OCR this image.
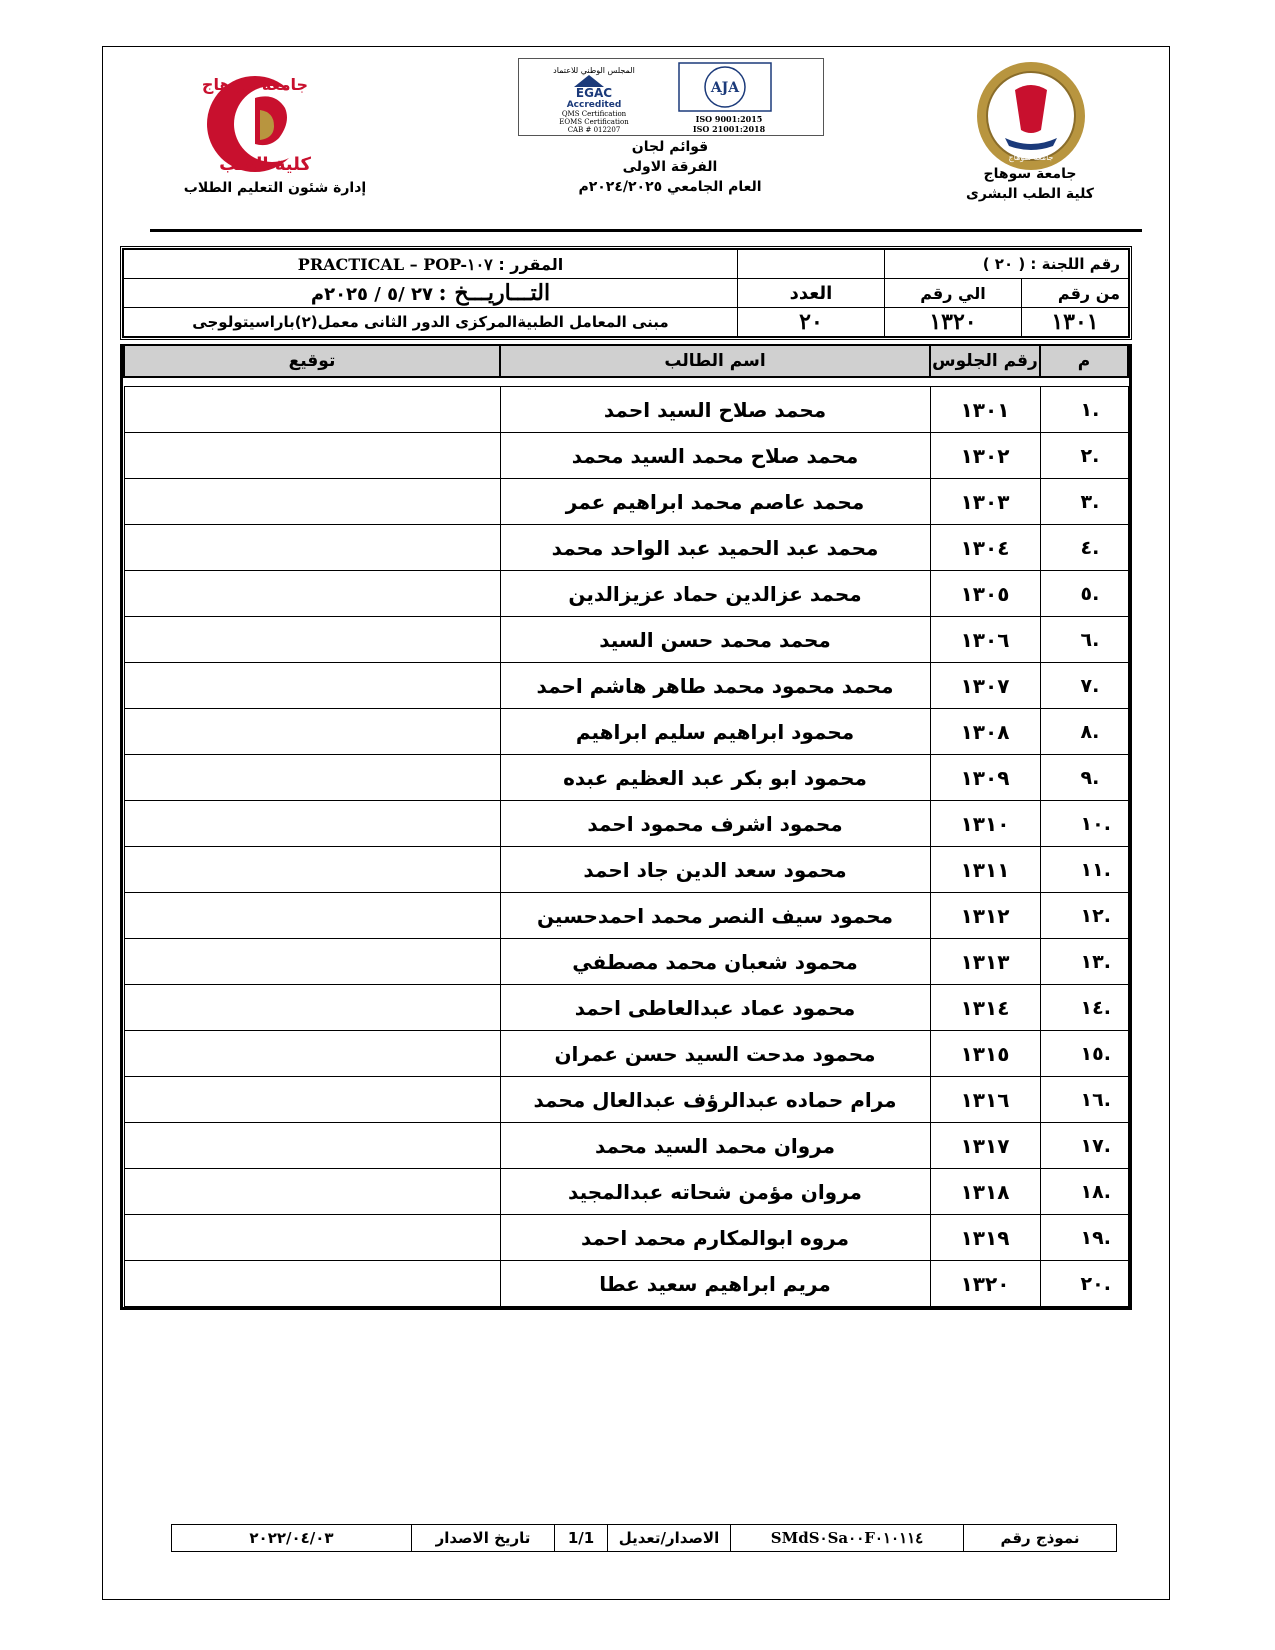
جامعة سوهاج
كلية الطب
إدارة شئون التعليم الطلاب
المجلس الوطني للاعتماد
EGAC
Accredited
QMS Certification
EOMS Certification
CAB # 012207
AJA
ISO 9001:2015
ISO 21001:2018
قوائم لجان
الفرقة الاولى
العام الجامعي ٢٠٢٤/٢٠٢٥م
جامعة سوهاج
جامعة سوهاج
كلية الطب البشرى
رقم اللجنة : ( ٢٠ )			المقرر : PRACTICAL – POP-١٠٧
من رقم	الي رقم	العدد	التـــاريـــخ : ٢٧ /٥ / ٢٠٢٥م
١٣٠١	١٣٢٠	٢٠	مبنى المعامل الطبيةالمركزى الدور الثانى معمل(٢)باراسيتولوجى
م	رقم الجلوس	اسم الطالب	توقيع

.١	١٣٠١	محمد صلاح السيد احمد	
.٢	١٣٠٢	محمد صلاح محمد السيد محمد	
.٣	١٣٠٣	محمد عاصم محمد ابراهيم عمر	
.٤	١٣٠٤	محمد عبد الحميد عبد الواحد محمد	
.٥	١٣٠٥	محمد عزالدين حماد عزيزالدين	
.٦	١٣٠٦	محمد محمد حسن السيد	
.٧	١٣٠٧	محمد محمود محمد طاهر هاشم احمد	
.٨	١٣٠٨	محمود ابراهيم سليم ابراهيم	
.٩	١٣٠٩	محمود ابو بكر عبد العظيم عبده	
.١٠	١٣١٠	محمود اشرف محمود احمد	
.١١	١٣١١	محمود سعد الدين جاد احمد	
.١٢	١٣١٢	محمود سيف النصر محمد احمدحسين	
.١٣	١٣١٣	محمود شعبان محمد مصطفي	
.١٤	١٣١٤	محمود عماد عبدالعاطى احمد	
.١٥	١٣١٥	محمود مدحت السيد حسن عمران	
.١٦	١٣١٦	مرام حماده عبدالرؤف عبدالعال محمد	
.١٧	١٣١٧	مروان محمد السيد محمد	
.١٨	١٣١٨	مروان مؤمن شحاته عبدالمجيد	
.١٩	١٣١٩	مروه ابوالمكارم محمد احمد	
.٢٠	١٣٢٠	مريم ابراهيم سعيد عطا	
نموذج رقم	SMdS٠Sa٠٠F٠١٠١١٤	الاصدار/تعديل	1/1	تاريخ الاصدار	٢٠٢٢/٠٤/٠٣
